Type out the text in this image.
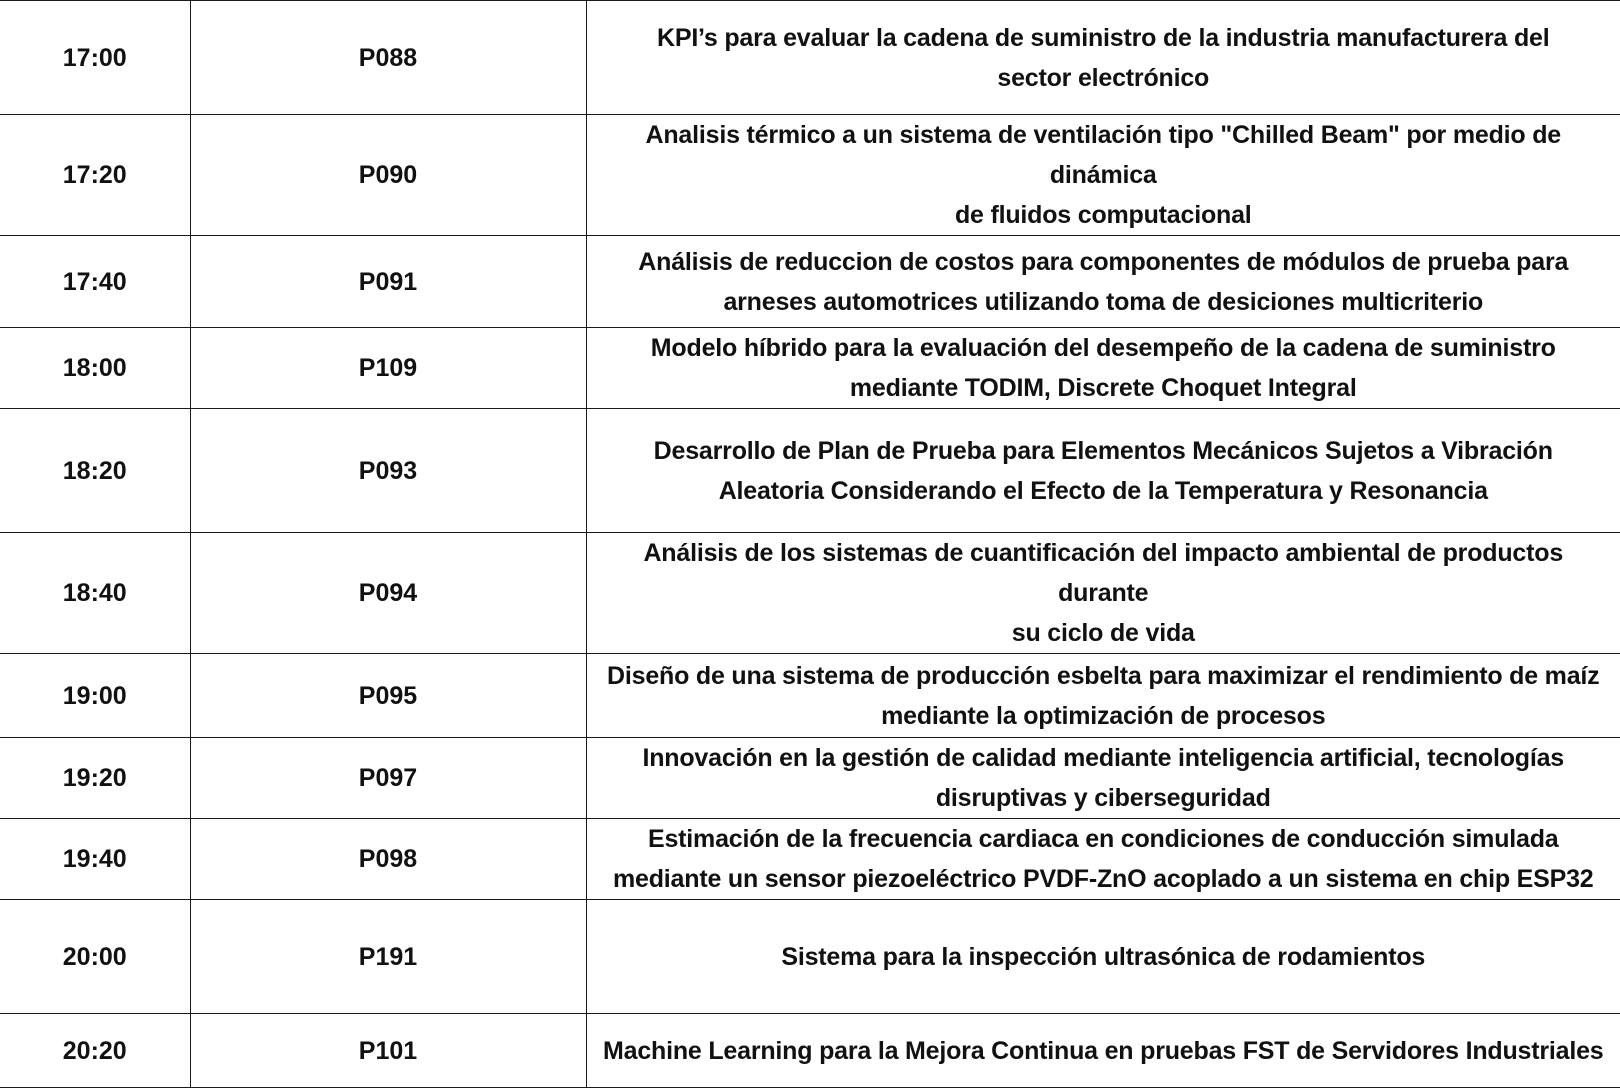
17:00	P088	KPI’s para evaluar la cadena de suministro de la industria manufacturera del
sector electrónico
17:20	P090	Analisis térmico a un sistema de ventilación tipo "Chilled Beam" por medio de
dinámica
de fluidos computacional
17:40	P091	Análisis de reduccion de costos para componentes de módulos de prueba para
arneses automotrices utilizando toma de desiciones multicriterio
18:00	P109	Modelo híbrido para la evaluación del desempeño de la cadena de suministro
mediante TODIM, Discrete Choquet Integral
18:20	P093	Desarrollo de Plan de Prueba para Elementos Mecánicos Sujetos a Vibración
Aleatoria Considerando el Efecto de la Temperatura y Resonancia
18:40	P094	Análisis de los sistemas de cuantificación del impacto ambiental de productos
durante
su ciclo de vida
19:00	P095	Diseño de una sistema de producción esbelta para maximizar el rendimiento de maíz
mediante la optimización de procesos
19:20	P097	Innovación en la gestión de calidad mediante inteligencia artificial, tecnologías
disruptivas y ciberseguridad
19:40	P098	Estimación de la frecuencia cardiaca en condiciones de conducción simulada
mediante un sensor piezoeléctrico PVDF-ZnO acoplado a un sistema en chip ESP32
20:00	P191	Sistema para la inspección ultrasónica de rodamientos
20:20	P101	Machine Learning para la Mejora Continua en pruebas FST de Servidores Industriales
